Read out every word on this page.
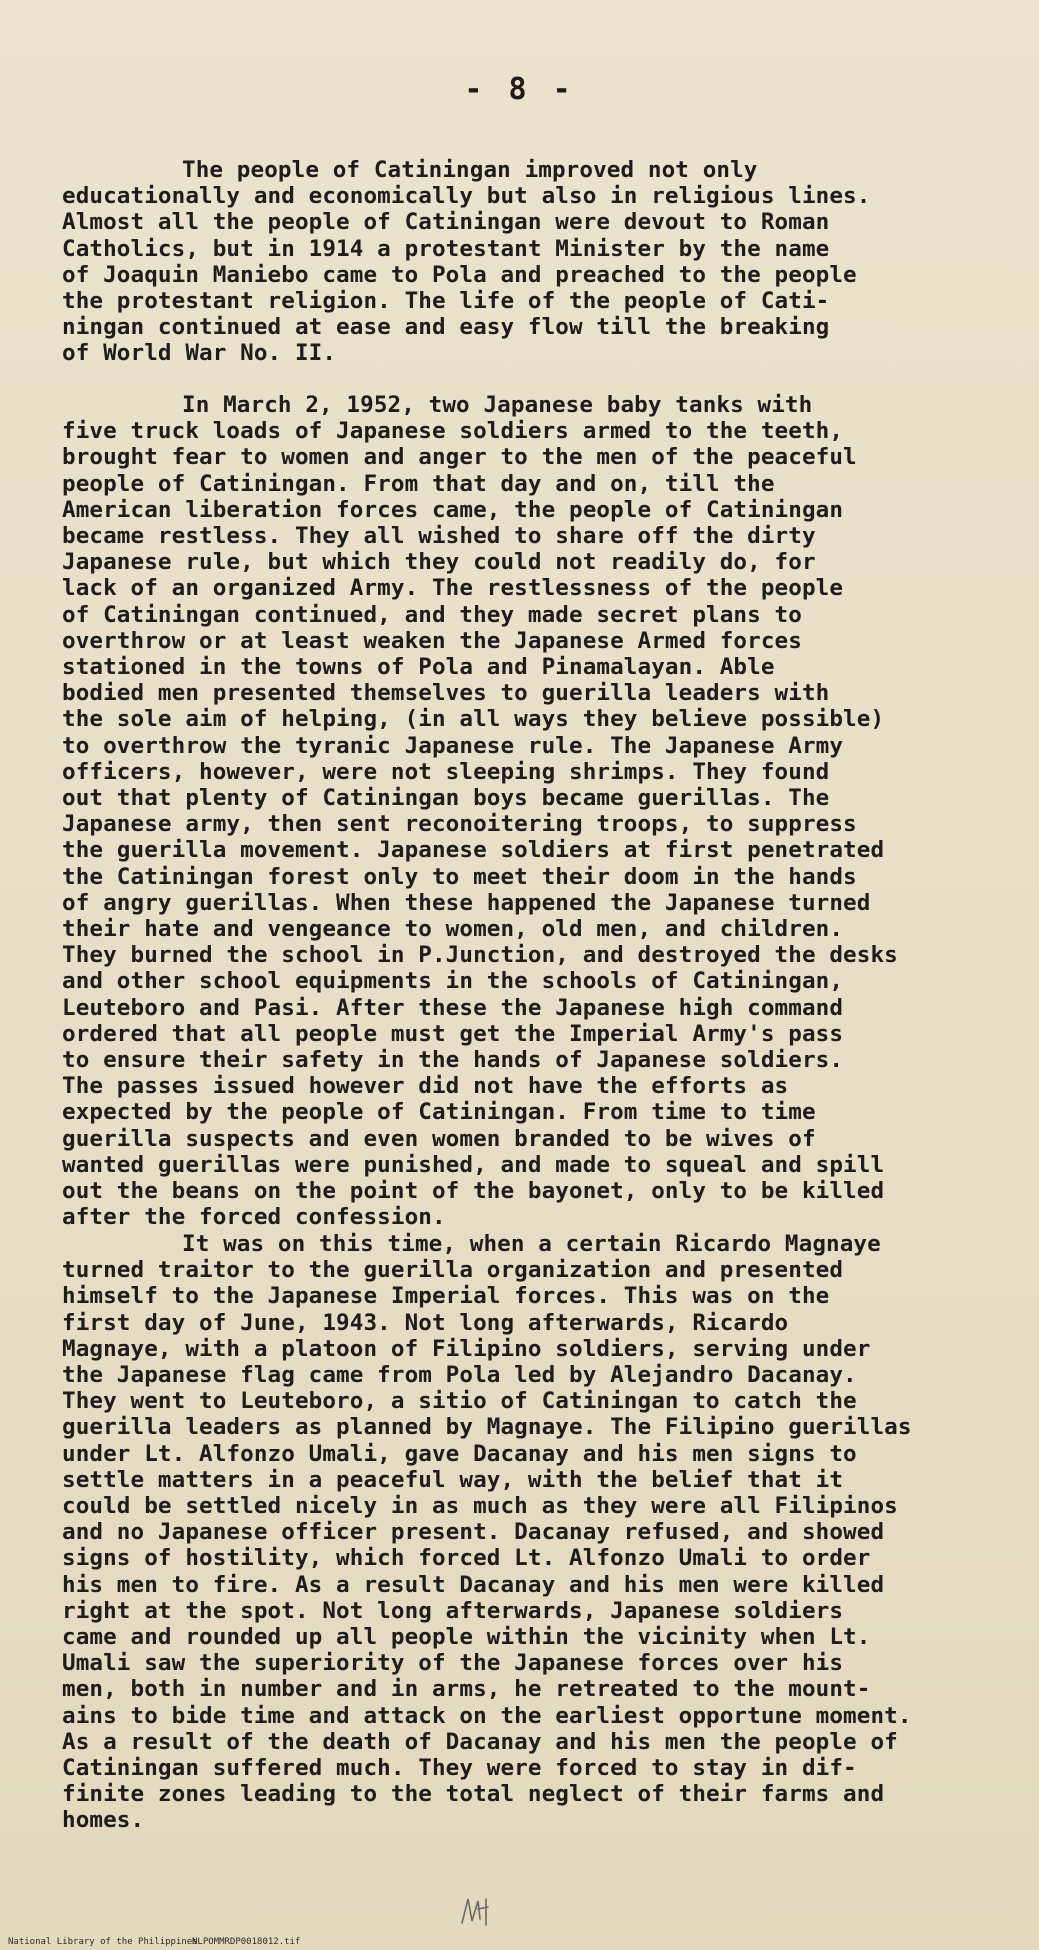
- 8 -
The people of Catiningan improved not only
educationally and economically but also in religious lines.
Almost all the people of Catiningan were devout to Roman
Catholics, but in 1914 a protestant Minister by the name
of Joaquin Maniebo came to Pola and preached to the people
the protestant religion. The life of the people of Cati-
ningan continued at ease and easy flow till the breaking
of World War No. II.
In March 2, 1952, two Japanese baby tanks with
five truck loads of Japanese soldiers armed to the teeth,
brought fear to women and anger to the men of the peaceful
people of Catiningan. From that day and on, till the
American liberation forces came, the people of Catiningan
became restless. They all wished to share off the dirty
Japanese rule, but which they could not readily do, for
lack of an organized Army. The restlessness of the people
of Catiningan continued, and they made secret plans to
overthrow or at least weaken the Japanese Armed forces
stationed in the towns of Pola and Pinamalayan. Able
bodied men presented themselves to guerilla leaders with
the sole aim of helping, (in all ways they believe possible)
to overthrow the tyranic Japanese rule. The Japanese Army
officers, however, were not sleeping shrimps. They found
out that plenty of Catiningan boys became guerillas. The
Japanese army, then sent reconoitering troops, to suppress
the guerilla movement. Japanese soldiers at first penetrated
the Catiningan forest only to meet their doom in the hands
of angry guerillas. When these happened the Japanese turned
their hate and vengeance to women, old men, and children.
They burned the school in P.Junction, and destroyed the desks
and other school equipments in the schools of Catiningan,
Leuteboro and Pasi. After these the Japanese high command
ordered that all people must get the Imperial Army's pass
to ensure their safety in the hands of Japanese soldiers.
The passes issued however did not have the efforts as
expected by the people of Catiningan. From time to time
guerilla suspects and even women branded to be wives of
wanted guerillas were punished, and made to squeal and spill
out the beans on the point of the bayonet, only to be killed
after the forced confession.
It was on this time, when a certain Ricardo Magnaye
turned traitor to the guerilla organization and presented
himself to the Japanese Imperial forces. This was on the
first day of June, 1943. Not long afterwards, Ricardo
Magnaye, with a platoon of Filipino soldiers, serving under
the Japanese flag came from Pola led by Alejandro Dacanay.
They went to Leuteboro, a sitio of Catiningan to catch the
guerilla leaders as planned by Magnaye. The Filipino guerillas
under Lt. Alfonzo Umali, gave Dacanay and his men signs to
settle matters in a peaceful way, with the belief that it
could be settled nicely in as much as they were all Filipinos
and no Japanese officer present. Dacanay refused, and showed
signs of hostility, which forced Lt. Alfonzo Umali to order
his men to fire. As a result Dacanay and his men were killed
right at the spot. Not long afterwards, Japanese soldiers
came and rounded up all people within the vicinity when Lt.
Umali saw the superiority of the Japanese forces over his
men, both in number and in arms, he retreated to the mount-
ains to bide time and attack on the earliest opportune moment.
As a result of the death of Dacanay and his men the people of
Catiningan suffered much. They were forced to stay in dif-
finite zones leading to the total neglect of their farms and
homes.
National Library of the Philippines
NLPOMMRDP0018012.tif
